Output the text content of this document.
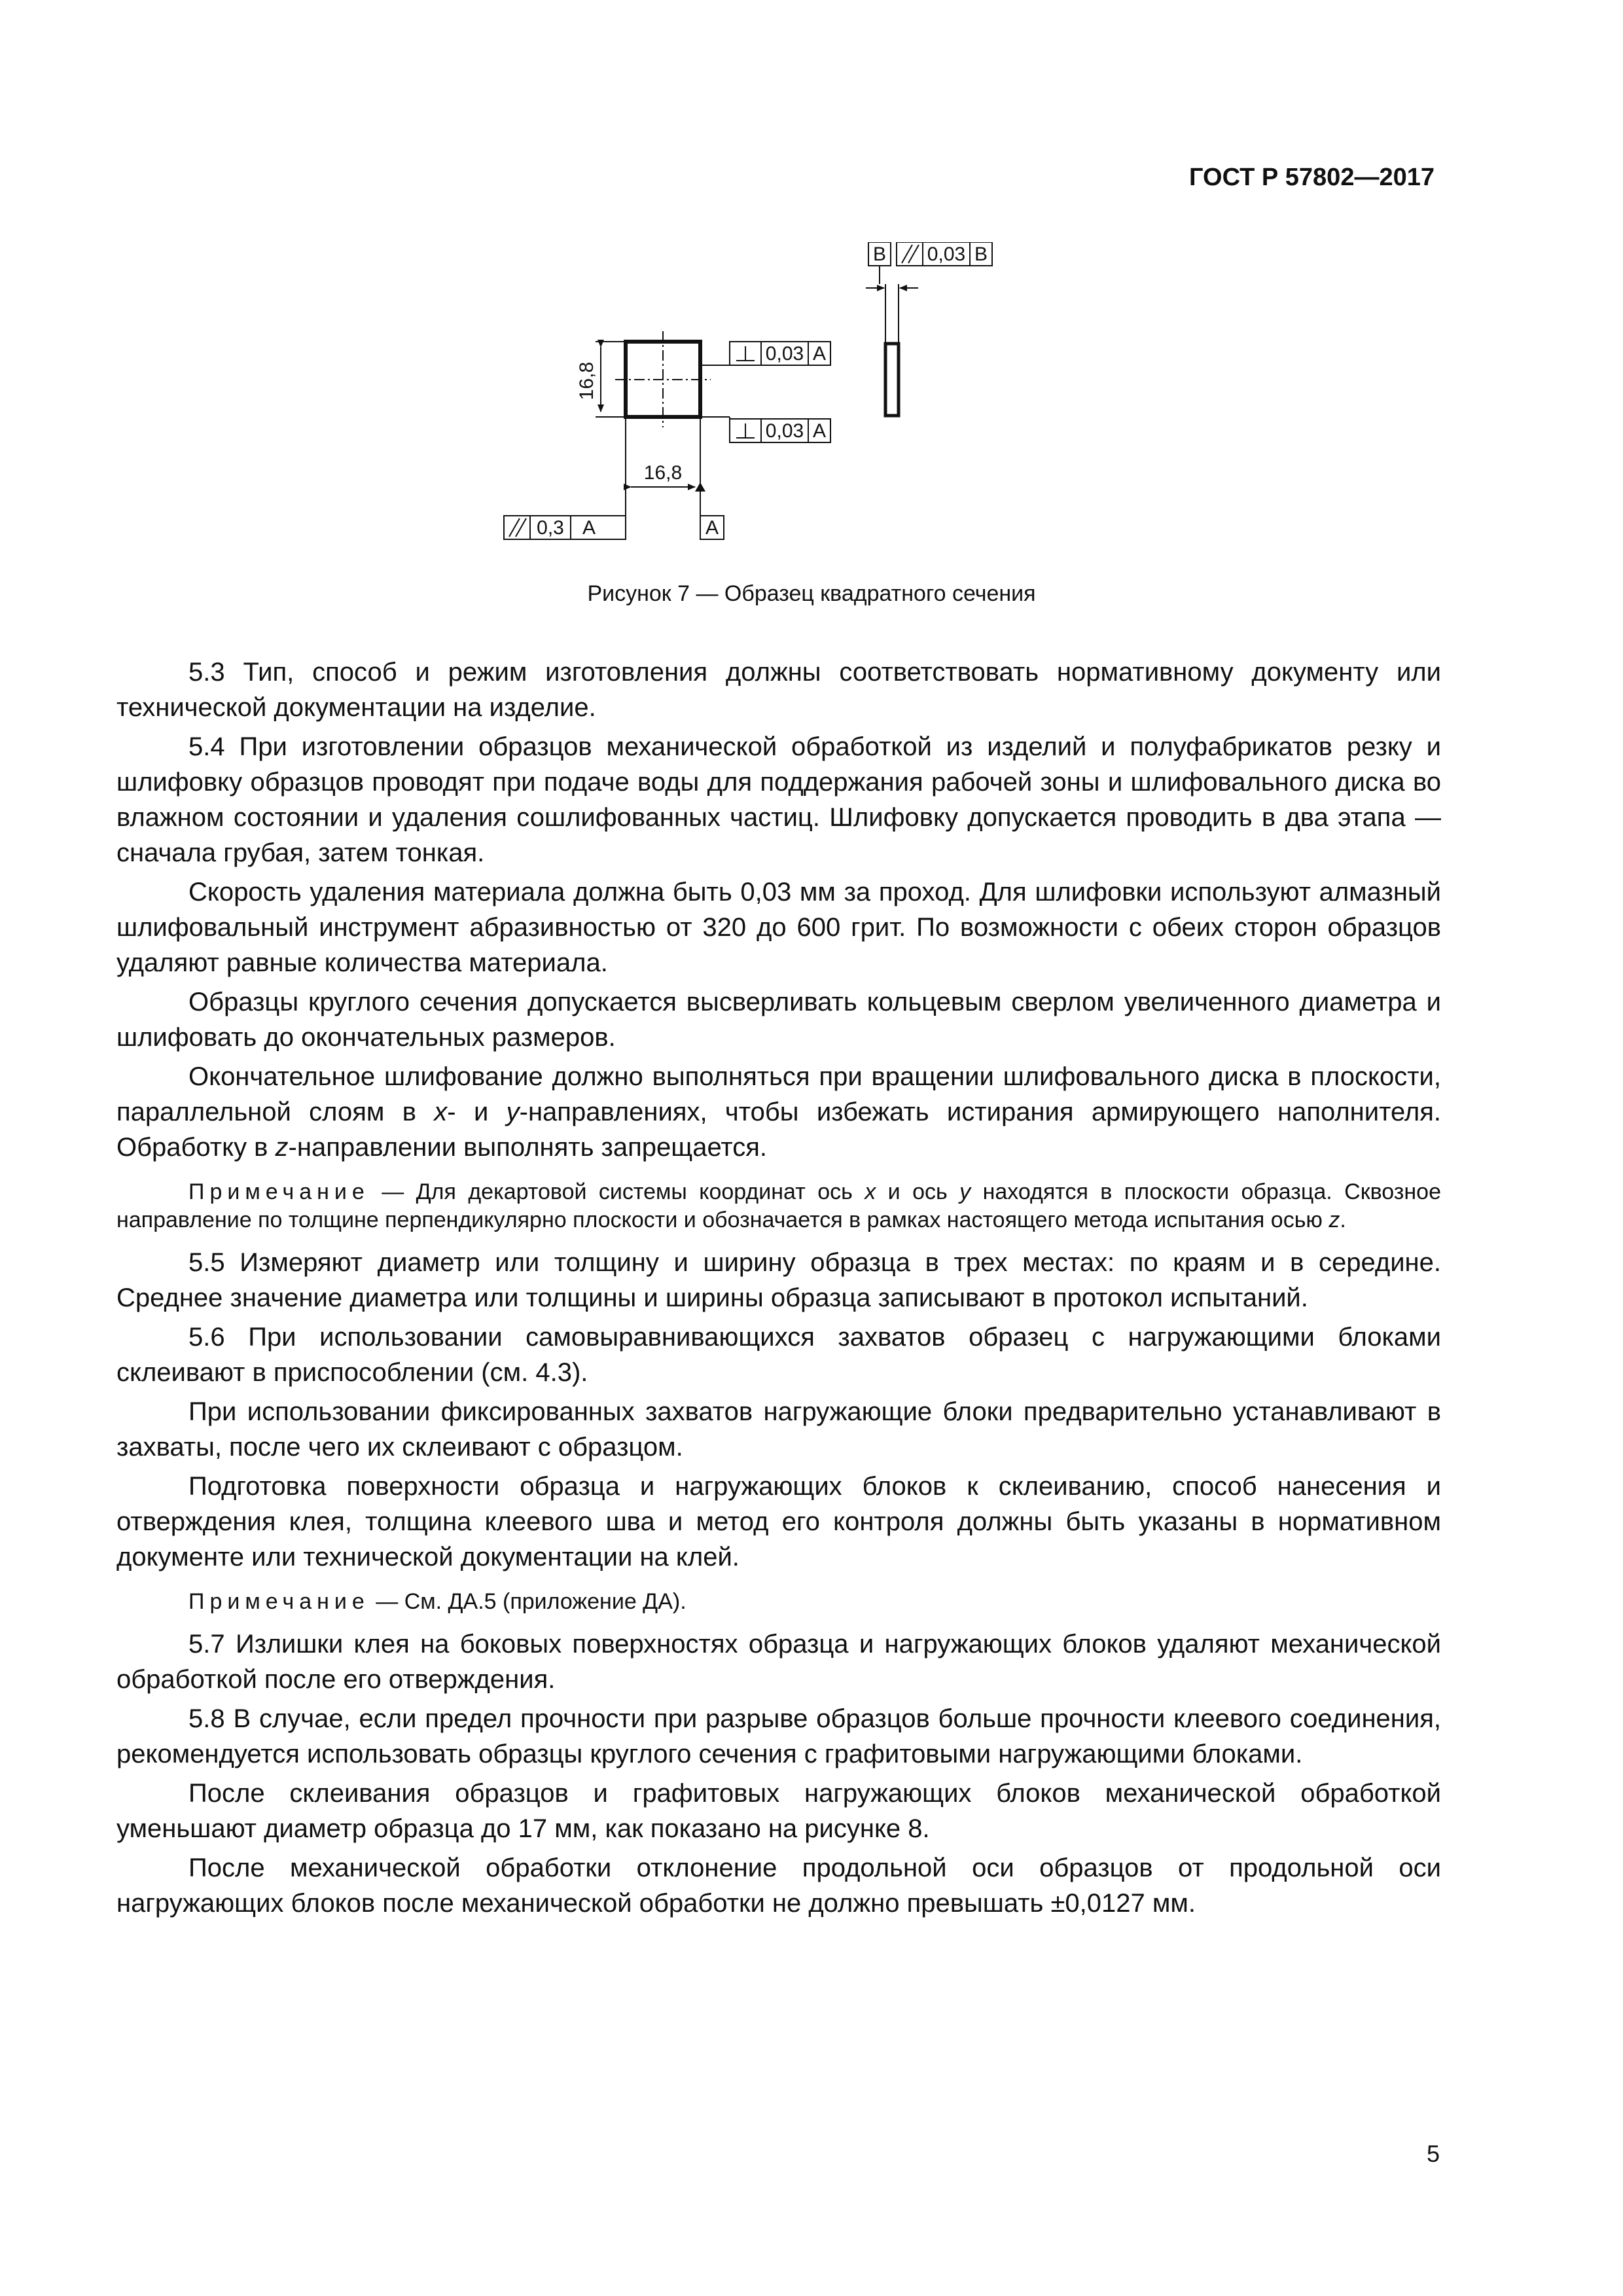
ГОСТ Р 57802—2017
16,8
16,8
0,03 A
0,03 A
0,3 A	A
B 0,03 B
Рисунок 7 — Образец квадратного сечения

5.3 Тип, способ и режим изготовления должны соответствовать нормативному документу или технической документации на изделие.

5.4 При изготовлении образцов механической обработкой из изделий и полуфабрикатов резку и шлифовку образцов проводят при подаче воды для поддержания рабочей зоны и шлифовального диска во влажном состоянии и удаления сошлифованных частиц. Шлифовку допускается проводить в два этапа — сначала грубая, затем тонкая.

Скорость удаления материала должна быть 0,03 мм за проход. Для шлифовки используют алмазный шлифовальный инструмент абразивностью от 320 до 600 грит. По возможности с обеих сторон образцов удаляют равные количества материала.

Образцы круглого сечения допускается высверливать кольцевым сверлом увеличенного диаметра и шлифовать до окончательных размеров.

Окончательное шлифование должно выполняться при вращении шлифовального диска в плоскости, параллельной слоям в x- и y-направлениях, чтобы избежать истирания армирующего наполнителя. Обработку в z-направлении выполнять запрещается.

Примечание — Для декартовой системы координат ось x и ось y находятся в плоскости образца. Сквозное направление по толщине перпендикулярно плоскости и обозначается в рамках настоящего метода испытания осью z.

5.5 Измеряют диаметр или толщину и ширину образца в трех местах: по краям и в середине. Среднее значение диаметра или толщины и ширины образца записывают в протокол испытаний.

5.6 При использовании самовыравнивающихся захватов образец с нагружающими блоками склеивают в приспособлении (см. 4.3).

При использовании фиксированных захватов нагружающие блоки предварительно устанавливают в захваты, после чего их склеивают с образцом.

Подготовка поверхности образца и нагружающих блоков к склеиванию, способ нанесения и отверждения клея, толщина клеевого шва и метод его контроля должны быть указаны в нормативном документе или технической документации на клей.

Примечание — См. ДА.5 (приложение ДА).

5.7 Излишки клея на боковых поверхностях образца и нагружающих блоков удаляют механической обработкой после его отверждения.

5.8 В случае, если предел прочности при разрыве образцов больше прочности клеевого соединения, рекомендуется использовать образцы круглого сечения с графитовыми нагружающими блоками.

После склеивания образцов и графитовых нагружающих блоков механической обработкой уменьшают диаметр образца до 17 мм, как показано на рисунке 8.

После механической обработки отклонение продольной оси образцов от продольной оси нагружающих блоков после механической обработки не должно превышать ±0,0127 мм.

5
